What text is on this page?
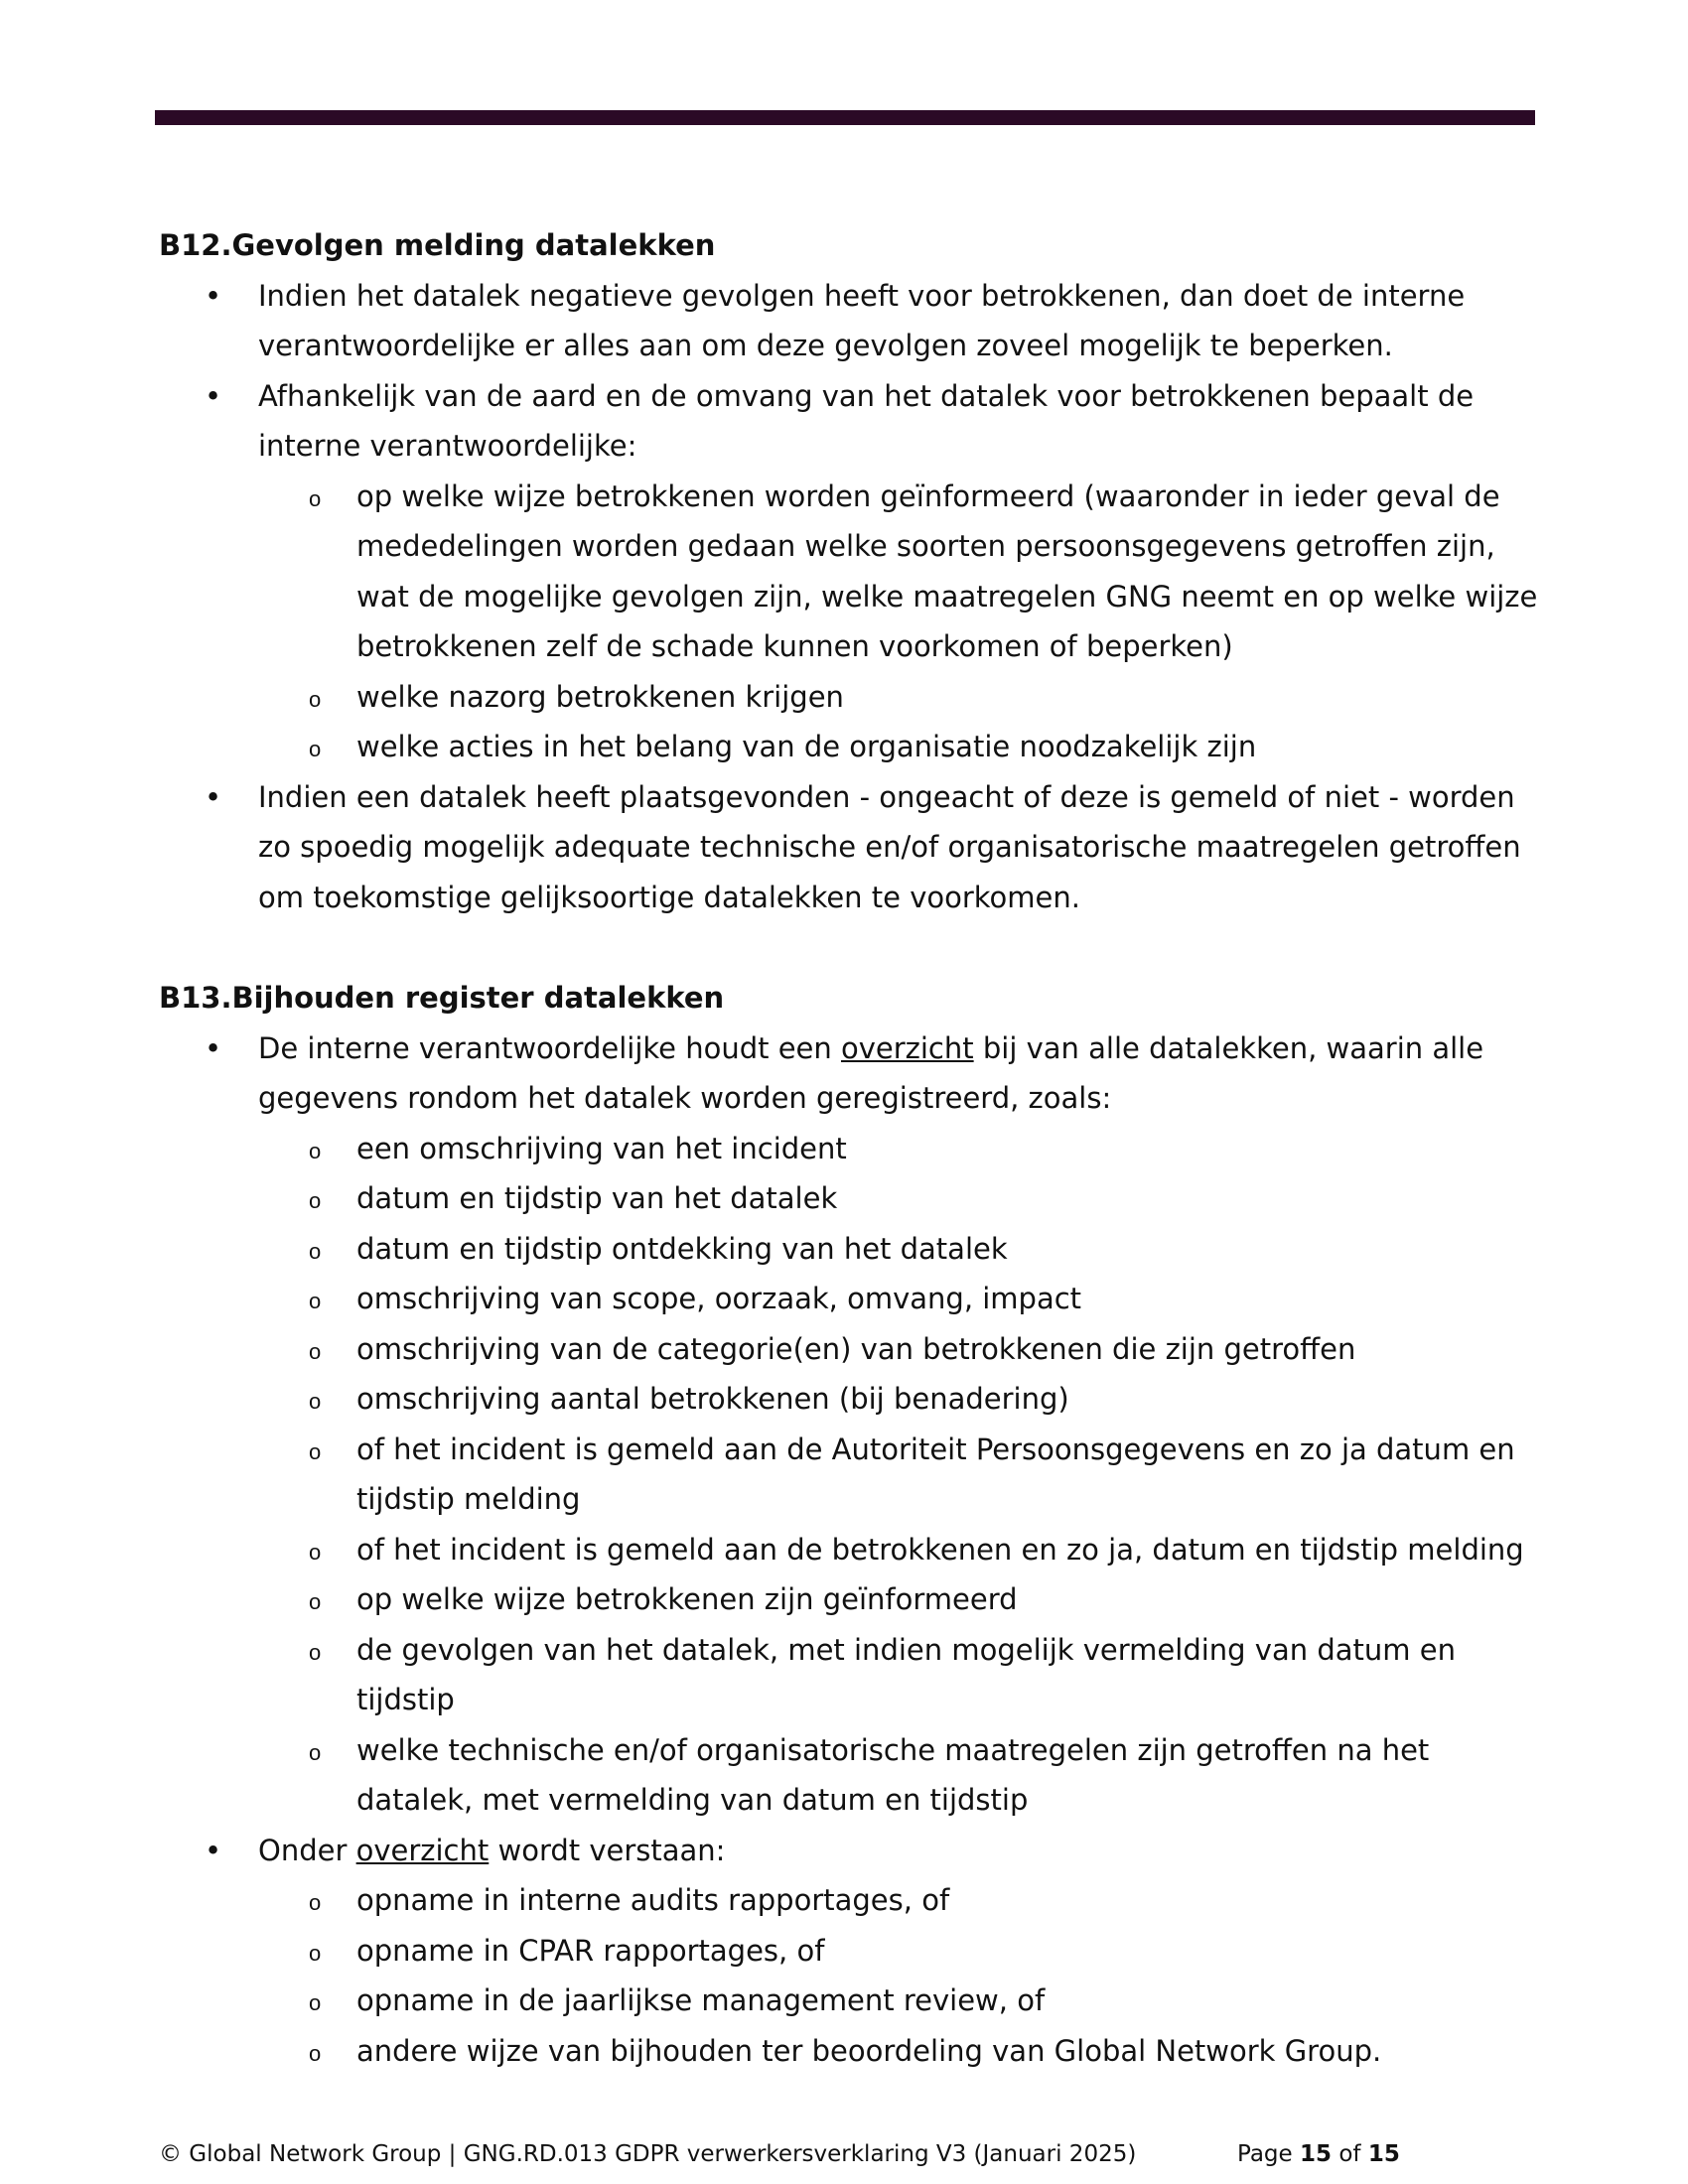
B12.Gevolgen melding datalekken
• Indien het datalek negatieve gevolgen heeft voor betrokkenen, dan doet de interne verantwoordelijke er alles aan om deze gevolgen zoveel mogelijk te beperken.
• Afhankelijk van de aard en de omvang van het datalek voor betrokkenen bepaalt de interne verantwoordelijke:
o op welke wijze betrokkenen worden geïnformeerd (waaronder in ieder geval de mededelingen worden gedaan welke soorten persoonsgegevens getroffen zijn, wat de mogelijke gevolgen zijn, welke maatregelen GNG neemt en op welke wijze betrokkenen zelf de schade kunnen voorkomen of beperken)
o welke nazorg betrokkenen krijgen
o welke acties in het belang van de organisatie noodzakelijk zijn
• Indien een datalek heeft plaatsgevonden - ongeacht of deze is gemeld of niet - worden zo spoedig mogelijk adequate technische en/of organisatorische maatregelen getroffen om toekomstige gelijksoortige datalekken te voorkomen.
B13.Bijhouden register datalekken
• De interne verantwoordelijke houdt een overzicht bij van alle datalekken, waarin alle gegevens rondom het datalek worden geregistreerd, zoals:
o een omschrijving van het incident
o datum en tijdstip van het datalek
o datum en tijdstip ontdekking van het datalek
o omschrijving van scope, oorzaak, omvang, impact
o omschrijving van de categorie(en) van betrokkenen die zijn getroffen
o omschrijving aantal betrokkenen (bij benadering)
o of het incident is gemeld aan de Autoriteit Persoonsgegevens en zo ja datum en tijdstip melding
o of het incident is gemeld aan de betrokkenen en zo ja, datum en tijdstip melding
o op welke wijze betrokkenen zijn geïnformeerd
o de gevolgen van het datalek, met indien mogelijk vermelding van datum en tijdstip
o welke technische en/of organisatorische maatregelen zijn getroffen na het datalek, met vermelding van datum en tijdstip
• Onder overzicht wordt verstaan:
o opname in interne audits rapportages, of
o opname in CPAR rapportages, of
o opname in de jaarlijkse management review, of
o andere wijze van bijhouden ter beoordeling van Global Network Group.
© Global Network Group | GNG.RD.013 GDPR verwerkersverklaring V3 (Januari 2025)	Page 15 of 15
